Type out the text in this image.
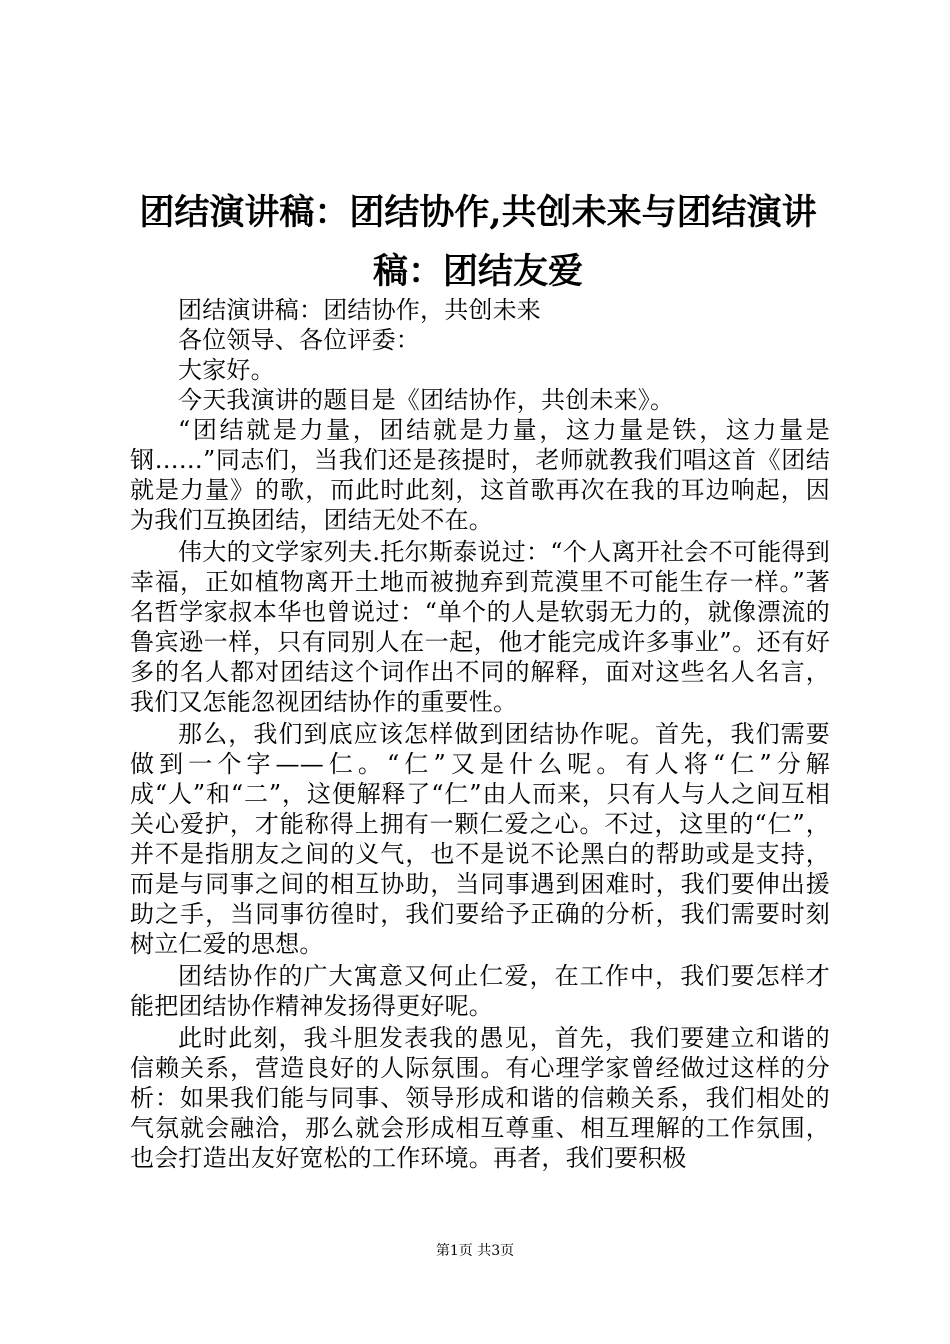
团结演讲稿：团结协作,共创未来与团结演讲稿：团结友爱

团结演讲稿：团结协作，共创未来

各位领导、各位评委：

大家好。

今天我演讲的题目是《团结协作，共创未来》。

“团结就是力量，团结就是力量，这力量是铁，这力量是钢……”同志们，当我们还是孩提时，老师就教我们唱这首《团结就是力量》的歌，而此时此刻，这首歌再次在我的耳边响起，因为我们互换团结，团结无处不在。

伟大的文学家列夫.托尔斯泰说过：“个人离开社会不可能得到幸福，正如植物离开土地而被抛弃到荒漠里不可能生存一样。”著名哲学家叔本华也曾说过：“单个的人是软弱无力的，就像漂流的鲁宾逊一样，只有同别人在一起，他才能完成许多事业”。还有好多的名人都对团结这个词作出不同的解释，面对这些名人名言，我们又怎能忽视团结协作的重要性。

那么，我们到底应该怎样做到团结协作呢。首先，我们需要做到一个字——仁。“仁”又是什么呢。有人将“仁”分解成“人”和“二”，这便解释了“仁”由人而来，只有人与人之间互相关心爱护，才能称得上拥有一颗仁爱之心。不过，这里的“仁”，并不是指朋友之间的义气，也不是说不论黑白的帮助或是支持，而是与同事之间的相互协助，当同事遇到困难时，我们要伸出援助之手，当同事彷徨时，我们要给予正确的分析，我们需要时刻树立仁爱的思想。

团结协作的广大寓意又何止仁爱，在工作中，我们要怎样才能把团结协作精神发扬得更好呢。

此时此刻，我斗胆发表我的愚见，首先，我们要建立和谐的信赖关系，营造良好的人际氛围。有心理学家曾经做过这样的分析：如果我们能与同事、领导形成和谐的信赖关系，我们相处的气氛就会融洽，那么就会形成相互尊重、相互理解的工作氛围，也会打造出友好宽松的工作环境。再者，我们要积极

第1页 共3页
